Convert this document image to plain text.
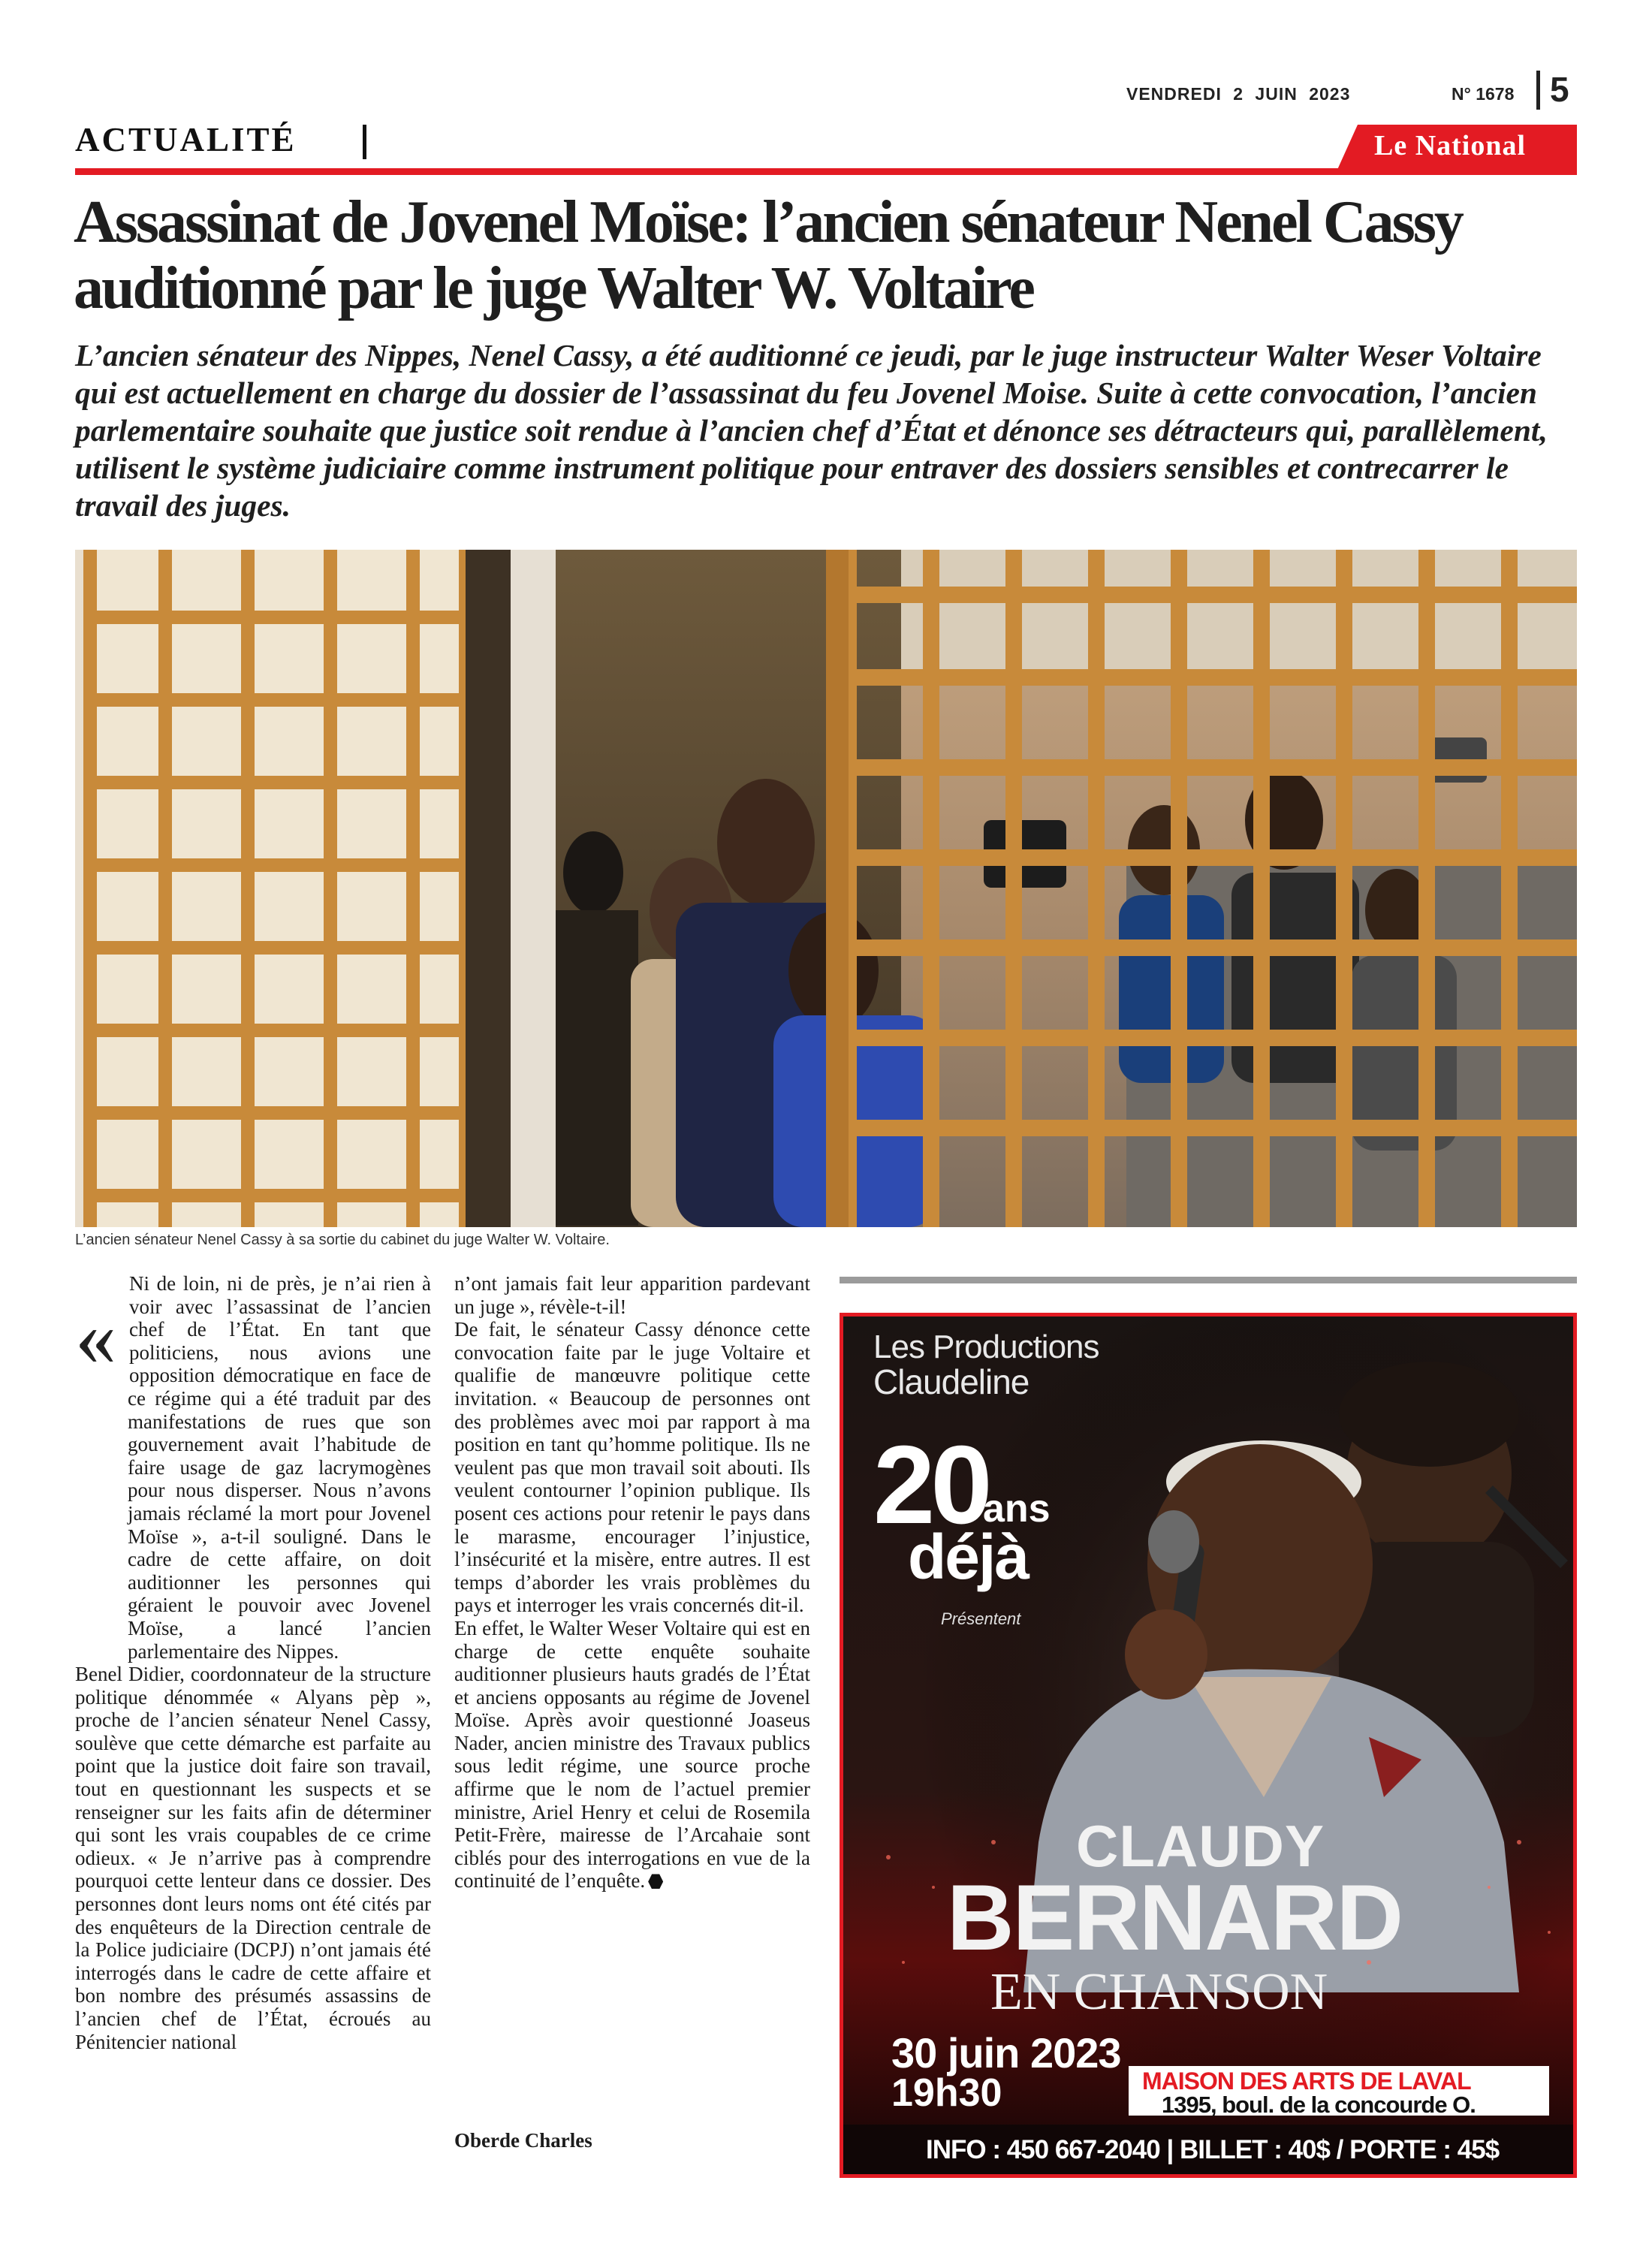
VENDREDI 2 JUIN 2023	N° 1678 5
ACTUALITÉ	Le National
Assassinat de Jovenel Moïse: l’ancien sénateur Nenel Cassy auditionné par le juge Walter W. Voltaire

L’ancien sénateur des Nippes, Nenel Cassy, a été auditionné ce jeudi, par le juge instructeur Walter Weser Voltaire qui est actuellement en charge du dossier de l’assassinat du feu Jovenel Moise. Suite à cette convocation, l’ancien parlementaire souhaite que justice soit rendue à l’ancien chef d’État et dénonce ses détracteurs qui, parallèlement, utilisent le système judiciaire comme instrument politique pour entraver des dossiers sensibles et contrecarrer le travail des juges.

L’ancien sénateur Nenel Cassy à sa sortie du cabinet du juge Walter W. Voltaire.
«

Ni de loin, ni de près, je n’ai rien à voir avec l’assassinat de l’ancien chef de l’État. En tant que politiciens, nous avions une opposition démocratique en face de ce régime qui a été traduit par des manifestations de rues que son gouvernement avait l’habitude de faire usage de gaz lacrymogènes pour nous disperser. Nous n’avons jamais réclamé la mort pour Jovenel Moïse », a-t-il souligné. Dans le cadre de cette affaire, on doit auditionner les personnes qui géraient le pouvoir avec Jovenel Moïse, a lancé l’ancien parlementaire des Nippes.

Benel Didier, coordonnateur de la structure politique dénommée « Alyans pèp », proche de l’ancien sénateur Nenel Cassy, soulève que cette démarche est parfaite au point que la justice doit faire son travail, tout en questionnant les suspects et se renseigner sur les faits afin de déterminer qui sont les vrais coupables de ce crime odieux. « Je n’arrive pas à comprendre pourquoi cette lenteur dans ce dossier. Des personnes dont leurs noms ont été cités par des enquêteurs de la Direction centrale de la Police judiciaire (DCPJ) n’ont jamais été interrogés dans le cadre de cette affaire et bon nombre des présumés assassins de l’ancien chef de l’État, écroués au Pénitencier national

n’ont jamais fait leur apparition pardevant un juge », révèle-t-il!

De fait, le sénateur Cassy dénonce cette convocation faite par le juge Voltaire et qualifie de manœuvre politique cette invitation. « Beaucoup de personnes ont des problèmes avec moi par rapport à ma position en tant qu’homme politique. Ils ne veulent pas que mon travail soit abouti. Ils veulent contourner l’opinion publique. Ils posent ces actions pour retenir le pays dans le marasme, encourager l’injustice, l’insécurité et la misère, entre autres. Il est temps d’aborder les vrais problèmes du pays et interroger les vrais concernés dit-il.

En effet, le Walter Weser Voltaire qui est en charge de cette enquête souhaite auditionner plusieurs hauts gradés de l’État et anciens opposants au régime de Jovenel Moïse. Après avoir questionné Joaseus Nader, ancien ministre des Travaux publics sous ledit régime, une source proche affirme que le nom de l’actuel premier ministre, Ariel Henry et celui de Rosemila Petit-Frère, mairesse de l’Arcahaie sont ciblés pour des interrogations en vue de la continuité de l’enquête.

Oberde Charles
Les Productions
Claudeline
20
ans
déjà
Présentent
CLAUDY
BERNARD
EN CHANSON
30 juin 2023
19h30	MAISON DES ARTS DE LAVAL
1395, boul. de la concourde O.
INFO : 450 667-2040 | BILLET : 40$ / PORTE : 45$
